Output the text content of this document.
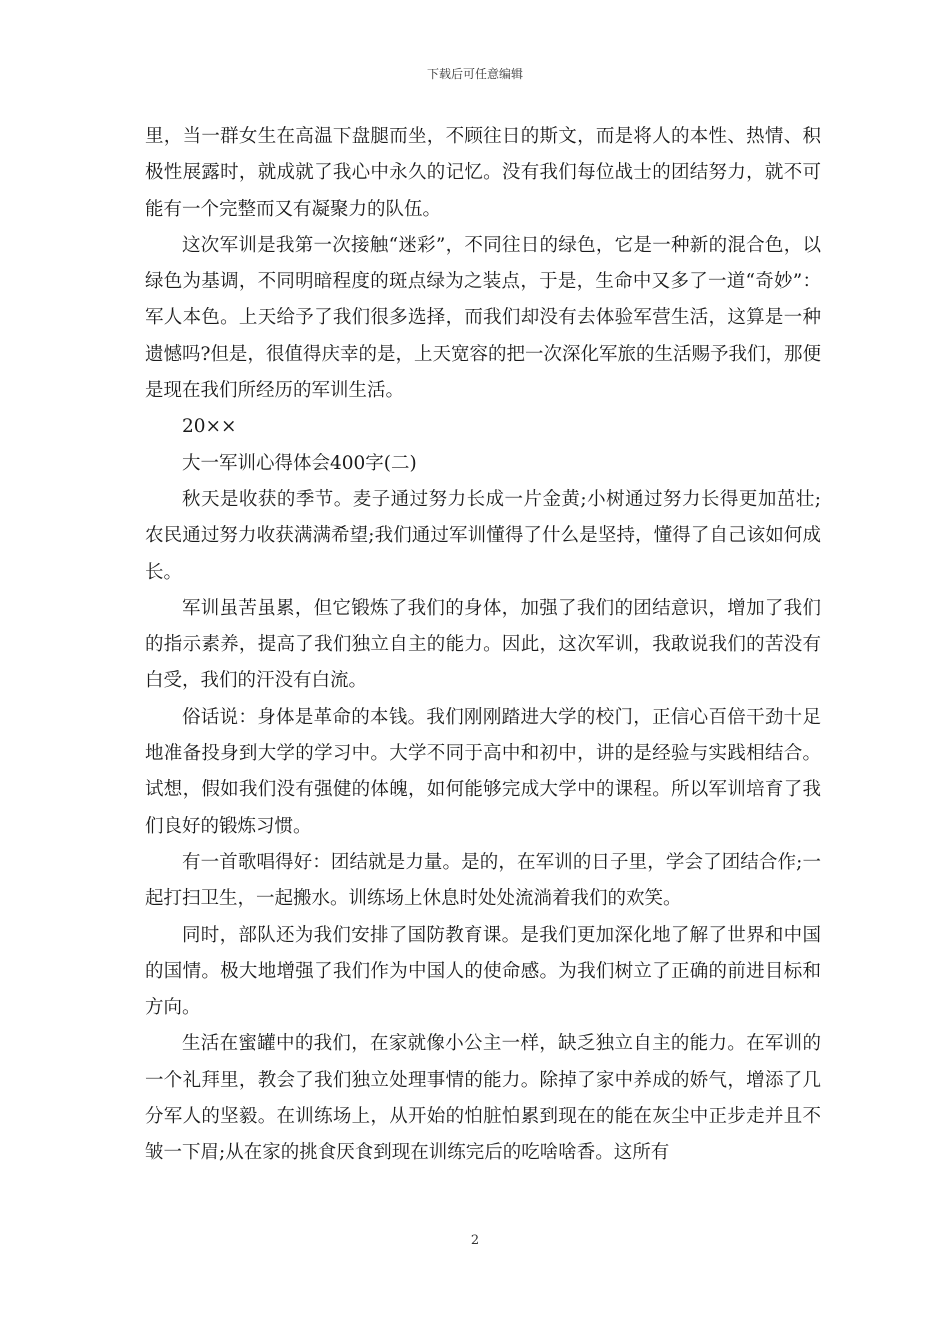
下载后可任意编辑

里，当一群女生在高温下盘腿而坐，不顾往日的斯文，而是将人的本性、热情、积极性展露时，就成就了我心中永久的记忆。没有我们每位战士的团结努力，就不可能有一个完整而又有凝聚力的队伍。

这次军训是我第一次接触“迷彩”，不同往日的绿色，它是一种新的混合色，以绿色为基调，不同明暗程度的斑点绿为之装点，于是，生命中又多了一道“奇妙”：军人本色。上天给予了我们很多选择，而我们却没有去体验军营生活，这算是一种遗憾吗?但是，很值得庆幸的是，上天宽容的把一次深化军旅的生活赐予我们，那便是现在我们所经历的军训生活。

20××

大一军训心得体会400字(二)

秋天是收获的季节。麦子通过努力长成一片金黄;小树通过努力长得更加茁壮;农民通过努力收获满满希望;我们通过军训懂得了什么是坚持，懂得了自己该如何成长。

军训虽苦虽累，但它锻炼了我们的身体，加强了我们的团结意识，增加了我们的指示素养，提高了我们独立自主的能力。因此，这次军训，我敢说我们的苦没有白受，我们的汗没有白流。

俗话说：身体是革命的本钱。我们刚刚踏进大学的校门，正信心百倍干劲十足地准备投身到大学的学习中。大学不同于高中和初中，讲的是经验与实践相结合。试想，假如我们没有强健的体魄，如何能够完成大学中的课程。所以军训培育了我们良好的锻炼习惯。

有一首歌唱得好：团结就是力量。是的，在军训的日子里，学会了团结合作;一起打扫卫生，一起搬水。训练场上休息时处处流淌着我们的欢笑。

同时，部队还为我们安排了国防教育课。是我们更加深化地了解了世界和中国的国情。极大地增强了我们作为中国人的使命感。为我们树立了正确的前进目标和方向。

生活在蜜罐中的我们，在家就像小公主一样，缺乏独立自主的能力。在军训的一个礼拜里，教会了我们独立处理事情的能力。除掉了家中养成的娇气，增添了几分军人的坚毅。在训练场上，从开始的怕脏怕累到现在的能在灰尘中正步走并且不皱一下眉;从在家的挑食厌食到现在训练完后的吃啥啥香。这所有

2
